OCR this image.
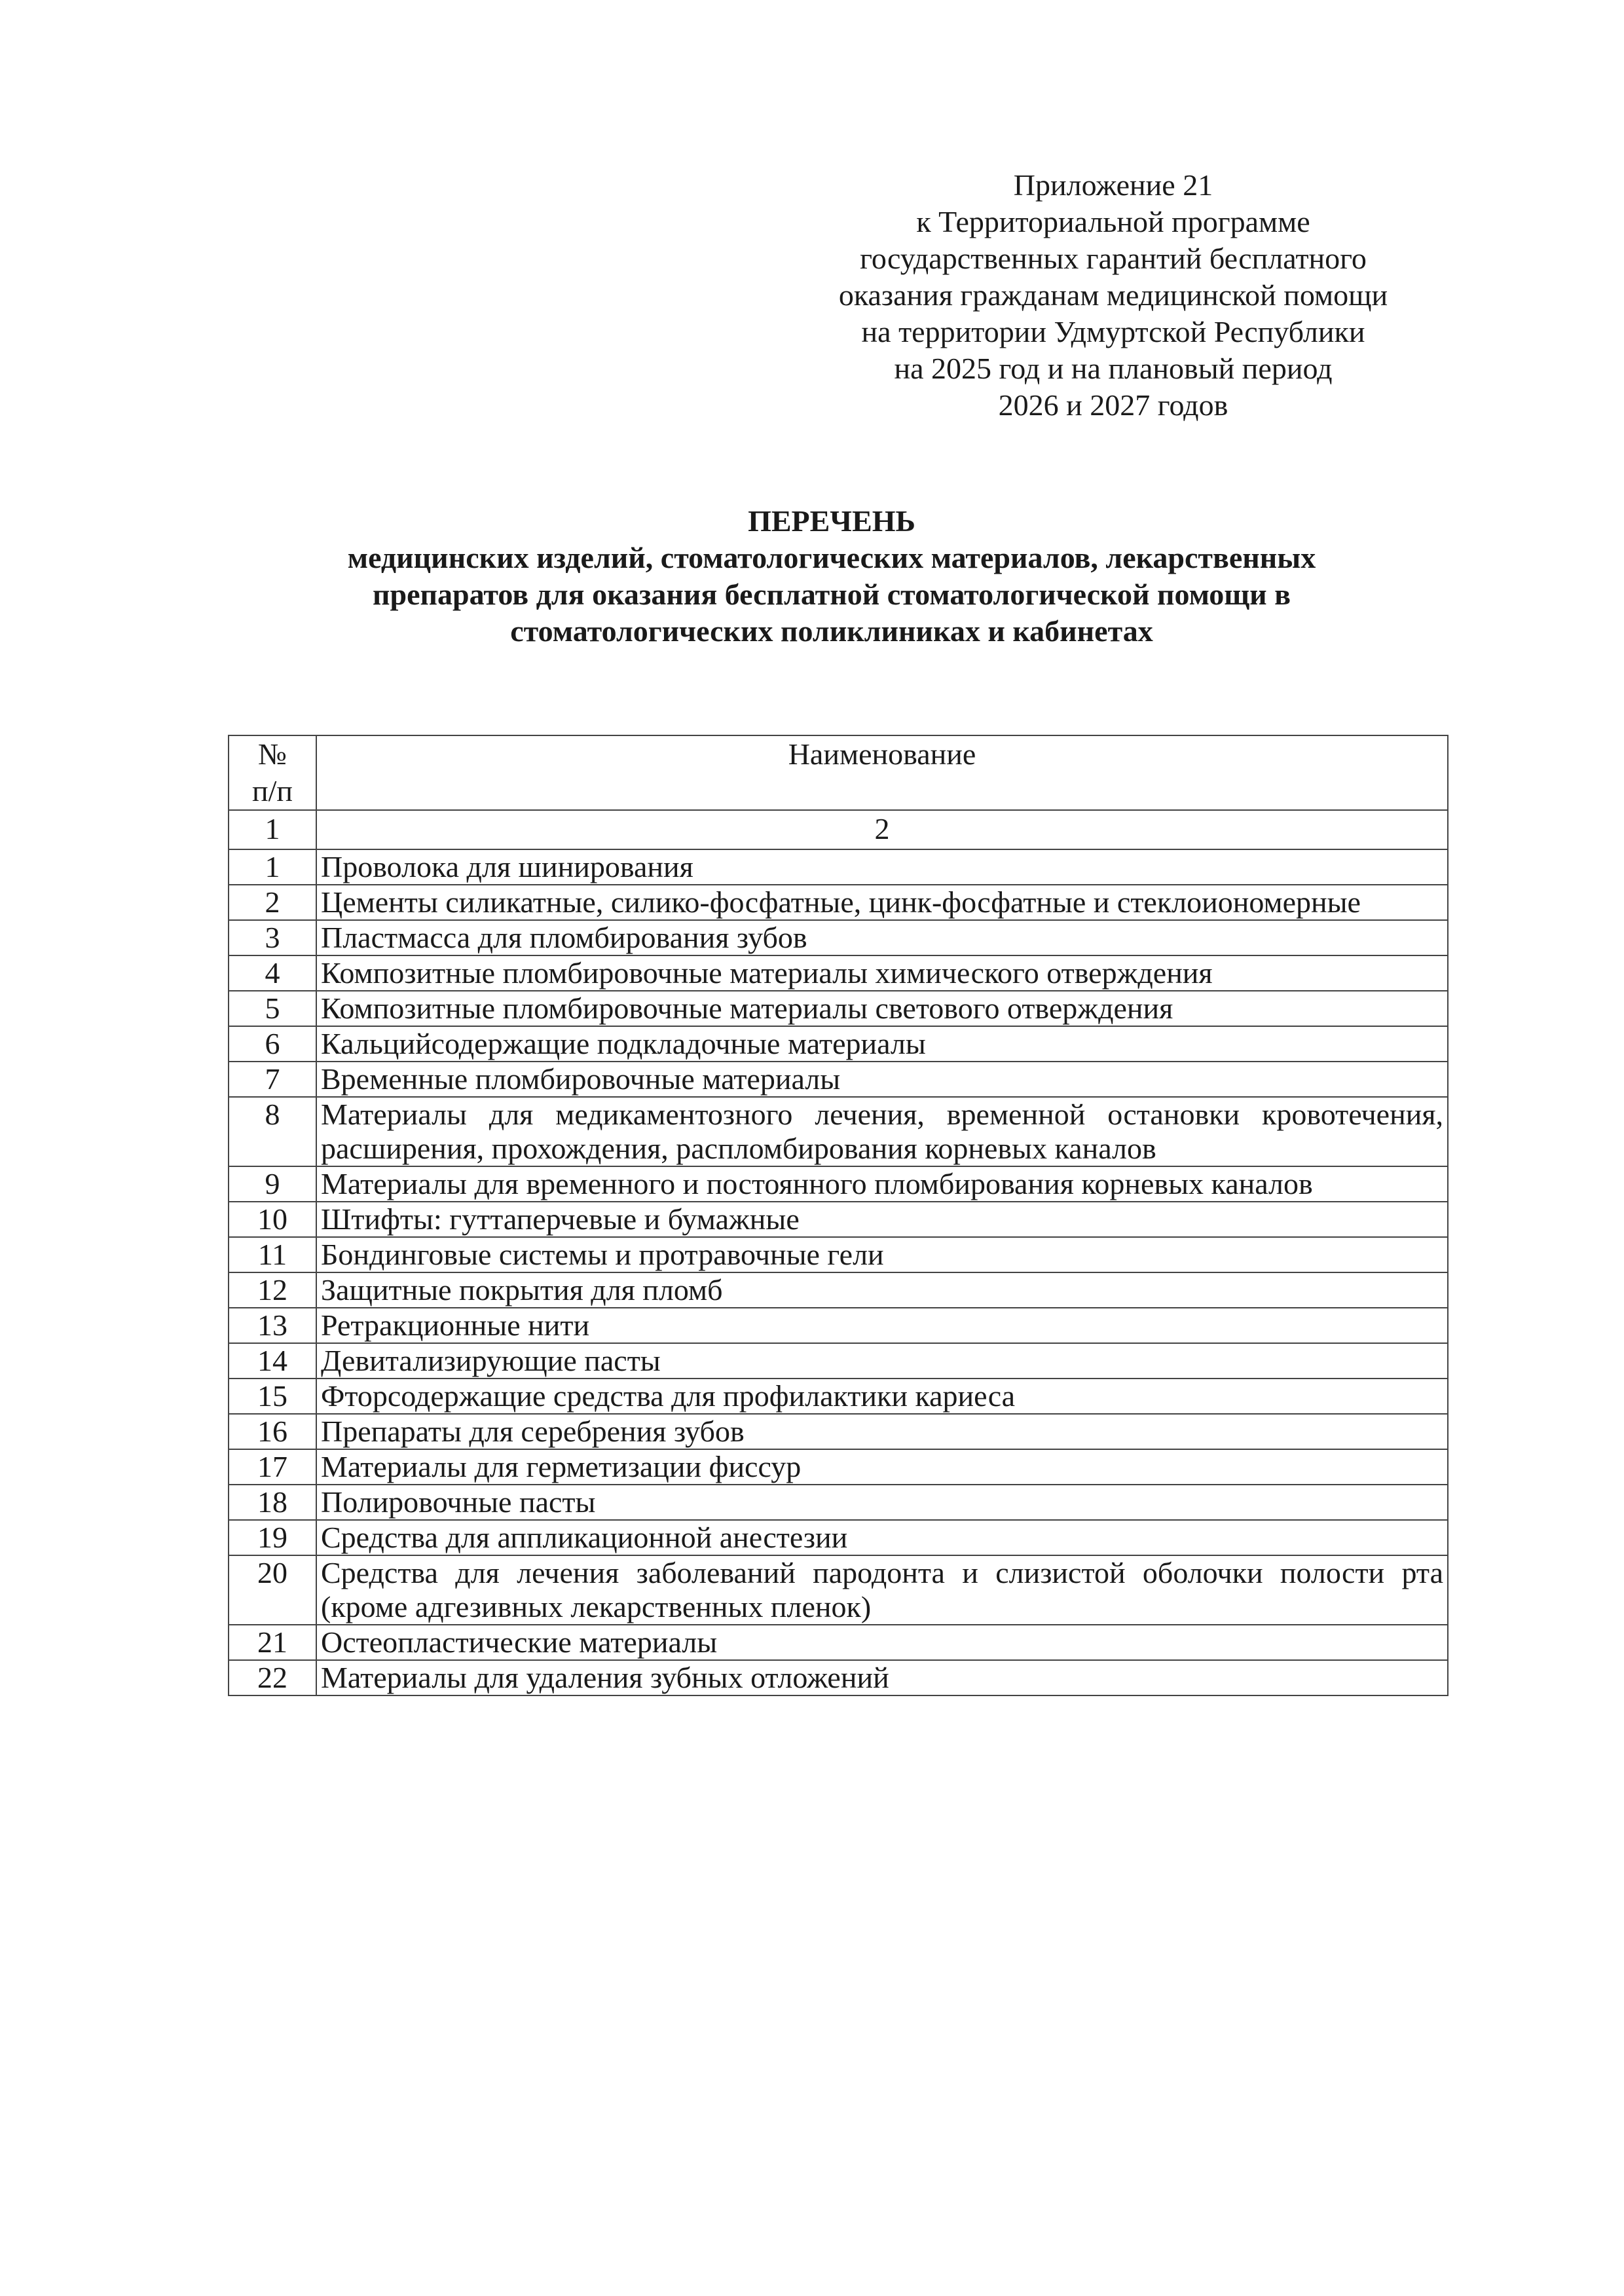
Приложение 21
к Территориальной программе
государственных гарантий бесплатного
оказания гражданам медицинской помощи
на территории Удмуртской Республики
на 2025 год и на плановый период
2026 и 2027 годов
ПЕРЕЧЕНЬ
медицинских изделий, стоматологических материалов, лекарственных
препаратов для оказания бесплатной стоматологической помощи в
стоматологических поликлиниках и кабинетах
№
п/п	Наименование
1	2
1	Проволока для шинирования
2	Цементы силикатные, силико-фосфатные, цинк-фосфатные и стеклоиономерные
3	Пластмасса для пломбирования зубов
4	Композитные пломбировочные материалы химического отверждения
5	Композитные пломбировочные материалы светового отверждения
6	Кальцийсодержащие подкладочные материалы
7	Временные пломбировочные материалы
8	Материалы для медикаментозного лечения, временной остановки кровотечения, расширения, прохождения, распломбирования корневых каналов
9	Материалы для временного и постоянного пломбирования корневых каналов
10	Штифты: гуттаперчевые и бумажные
11	Бондинговые системы и протравочные гели
12	Защитные покрытия для пломб
13	Ретракционные нити
14	Девитализирующие пасты
15	Фторсодержащие средства для профилактики кариеса
16	Препараты для серебрения зубов
17	Материалы для герметизации фиссур
18	Полировочные пасты
19	Средства для аппликационной анестезии
20	Средства для лечения заболеваний пародонта и слизистой оболочки полости рта (кроме адгезивных лекарственных пленок)
21	Остеопластические материалы
22	Материалы для удаления зубных отложений
